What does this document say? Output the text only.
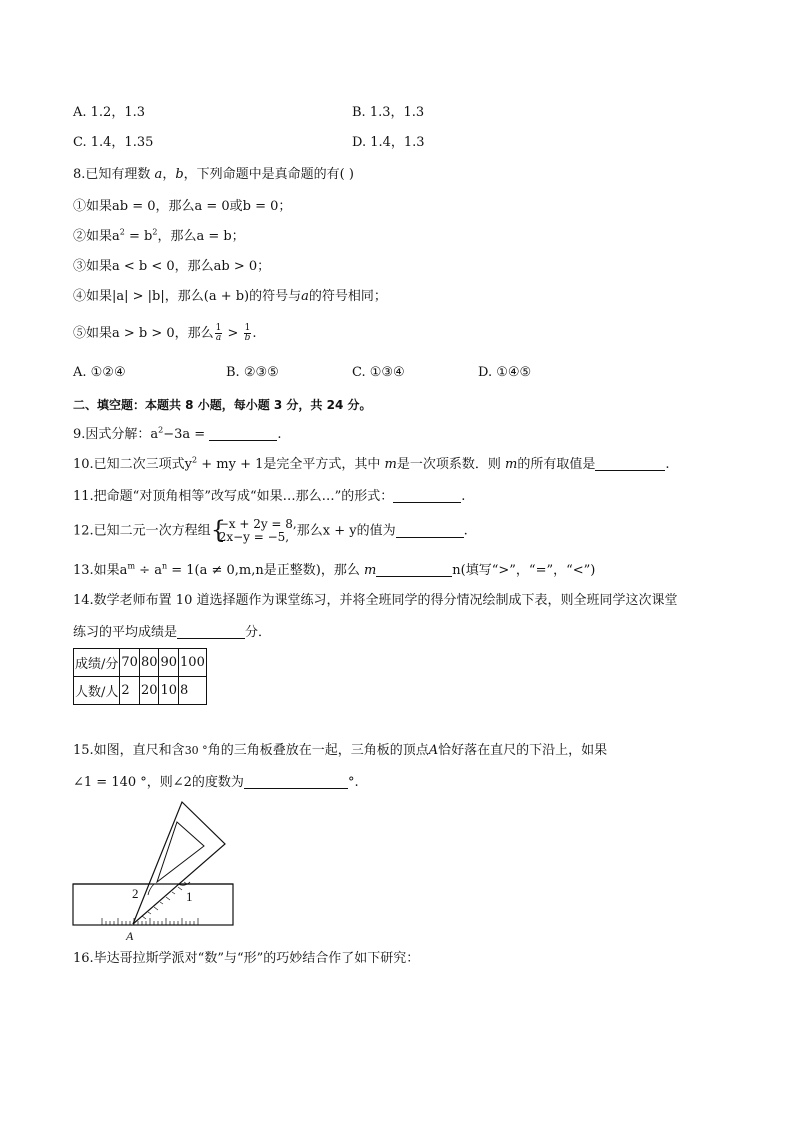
A. 1.2，1.3	B. 1.3，1.3
C. 1.4，1.35	D. 1.4，1.3
8.已知有理数 a，b，下列命题中是真命题的有( )
①如果ab = 0，那么a = 0或b = 0；
②如果$a^2 = b^2$，那么a = b；
③如果a < b < 0，那么ab > 0；
④如果|a| > |b|，那么(a + b)的符号与a的符号相同；
⑤如果a > b > 0，那么 $\frac{1}{a} > \frac{1}{b}$ .
A. ①②④	B. ②③⑤	C. ①③④	D. ①④⑤
二、填空题：本题共 8 小题，每小题 3 分，共 24 分。
9.因式分解：$a^2-3a$ =	.
10.已知二次三项式$y^2$ + my + 1是完全平方式，其中 m是一次项系数．则 m的所有取值是	.
11.把命题“对顶角相等”改写成“如果…那么…”的形式：	.
12.已知二元一次方程组 {
−x + 2y = 8,
2x−y = −5, 那么x + y的值为	.
13.如果$a^m \div a^n = 1(a \ne 0,m,n$是正整数)，那么 m	n(填写“>”，“=”，“<”)
14.数学老师布置 10 道选择题作为课堂练习，并将全班同学的得分情况绘制成下表，则全班同学这次课堂
练习的平均成绩是	分．
成绩/分	70	80	90	100
人数/人	2	20	10	8
15.如图，直尺和含30 °角的三角板叠放在一起，三角板的顶点A恰好落在直尺的下沿上，如果
∠1 = 140 °，则∠2的度数为	°.
1
2
A
16.毕达哥拉斯学派对“数”与“形”的巧妙结合作了如下研究：
